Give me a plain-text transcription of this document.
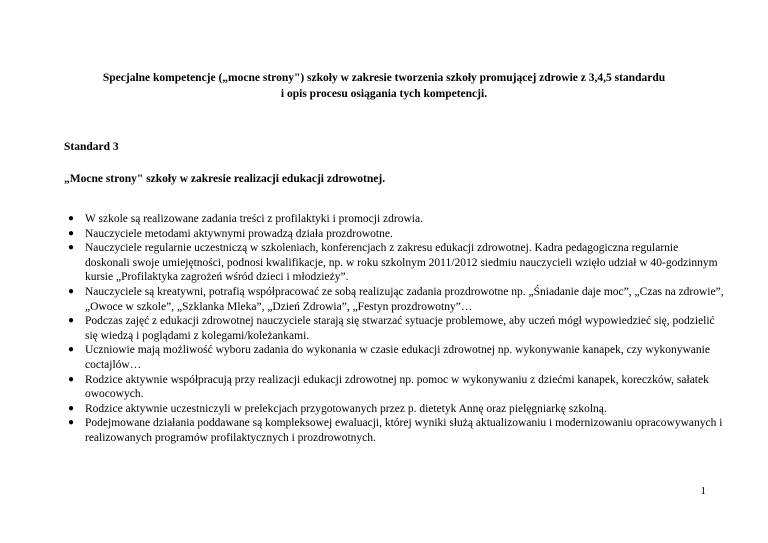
Specjalne kompetencje („mocne strony") szkoły w zakresie tworzenia szkoły promującej zdrowie z 3,4,5 standardu
i opis procesu osiągania tych kompetencji.
Standard 3
„Mocne strony" szkoły w zakresie realizacji edukacji zdrowotnej.
● W szkole są realizowane zadania treści z profilaktyki i promocji zdrowia.
● Nauczyciele metodami aktywnymi prowadzą działa prozdrowotne.
● Nauczyciele regularnie uczestniczą w szkoleniach, konferencjach z zakresu edukacji zdrowotnej. Kadra pedagogiczna regularnie doskonali swoje umiejętności, podnosi kwalifikacje, np. w roku szkolnym 2011/2012 siedmiu nauczycieli wzięło udział w 40-godzinnym kursie „Profilaktyka zagrożeń wśród dzieci i młodzieży”.
● Nauczyciele są kreatywni, potrafią współpracować ze sobą realizując zadania prozdrowotne np. „Śniadanie daje moc”, „Czas na zdrowie”, „Owoce w szkole”, „Szklanka Mleka”, „Dzień Zdrowia”, „Festyn prozdrowotny”…
● Podczas zajęć z edukacji zdrowotnej nauczyciele starają się stwarzać sytuacje problemowe, aby uczeń mógł wypowiedzieć się, podzielić się wiedzą i poglądami z kolegami/koleżankami.
● Uczniowie mają możliwość wyboru zadania do wykonania w czasie edukacji zdrowotnej np. wykonywanie kanapek, czy wykonywanie coctajlów…
● Rodzice aktywnie współpracują przy realizacji edukacji zdrowotnej np. pomoc w wykonywaniu z dziećmi kanapek, koreczków, sałatek owocowych.
● Rodzice aktywnie uczestniczyli w prelekcjach przygotowanych przez p. dietetyk Annę oraz pielęgniarkę szkolną.
● Podejmowane działania poddawane są kompleksowej ewaluacji, której wyniki służą aktualizowaniu i modernizowaniu opracowywanych i realizowanych programów profilaktycznych i prozdrowotnych.
1
